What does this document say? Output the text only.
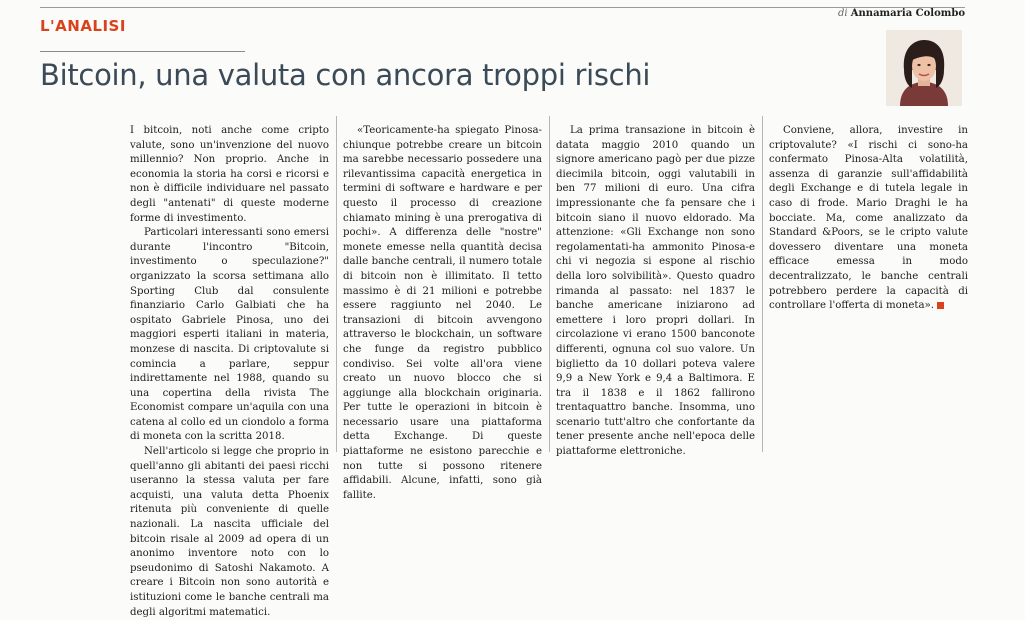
L'ANALISI
di Annamaria Colombo
Bitcoin, una valuta con ancora troppi rischi

I bitcoin, noti anche come cripto valute, sono un'invenzione del nuovo millennio? Non proprio. Anche in economia la storia ha corsi e ricorsi e non è difficile individuare nel passato degli "antenati" di queste moderne forme di investimento.

Particolari interessanti sono emersi durante l'incontro "Bitcoin, investimento o speculazione?" organizzato la scorsa settimana allo Sporting Club dal consulente finanziario Carlo Galbiati che ha ospitato Gabriele Pinosa, uno dei maggiori esperti italiani in materia, monzese di nascita. Di criptovalute si comincia a parlare, seppur indirettamente nel 1988, quando su una copertina della rivista The Economist compare un'aquila con una catena al collo ed un ciondolo a forma di moneta con la scritta 2018.

Nell'articolo si legge che proprio in quell'anno gli abitanti dei paesi ricchi useranno la stessa valuta per fare acquisti, una valuta detta Phoenix ritenuta più conveniente di quelle nazionali. La nascita ufficiale del bitcoin risale al 2009 ad opera di un anonimo inventore noto con lo pseudonimo di Satoshi Nakamoto. A creare i Bitcoin non sono autorità e istituzioni come le banche centrali ma degli algoritmi matematici.

«Teoricamente-ha spiegato Pinosa-chiunque potrebbe creare un bitcoin ma sarebbe necessario possedere una rilevantissima capacità energetica in termini di software e hardware e per questo il processo di creazione chiamato mining è una prerogativa di pochi». A differenza delle "nostre" monete emesse nella quantità decisa dalle banche centrali, il numero totale di bitcoin non è illimitato. Il tetto massimo è di 21 milioni e potrebbe essere raggiunto nel 2040. Le transazioni di bitcoin avvengono attraverso le blockchain, un software che funge da registro pubblico condiviso. Sei volte all'ora viene creato un nuovo blocco che si aggiunge alla blockchain originaria. Per tutte le operazioni in bitcoin è necessario usare una piattaforma detta Exchange. Di queste piattaforme ne esistono parecchie e non tutte si possono ritenere affidabili. Alcune, infatti, sono già fallite.

La prima transazione in bitcoin è datata maggio 2010 quando un signore americano pagò per due pizze diecimila bitcoin, oggi valutabili in ben 77 milioni di euro. Una cifra impressionante che fa pensare che i bitcoin siano il nuovo eldorado. Ma attenzione: «Gli Exchange non sono regolamentati-ha ammonito Pinosa-e chi vi negozia si espone al rischio della loro solvibilità». Questo quadro rimanda al passato: nel 1837 le banche americane iniziarono ad emettere i loro propri dollari. In circolazione vi erano 1500 banconote differenti, ognuna col suo valore. Un biglietto da 10 dollari poteva valere 9,9 a New York e 9,4 a Baltimora. E tra il 1838 e il 1862 fallirono trentaquattro banche. Insomma, uno scenario tutt'altro che confortante da tener presente anche nell'epoca delle piattaforme elettroniche.

Conviene, allora, investire in criptovalute? «I rischi ci sono-ha confermato Pinosa-Alta volatilità, assenza di garanzie sull'affidabilità degli Exchange e di tutela legale in caso di frode. Mario Draghi le ha bocciate. Ma, come analizzato da Standard &Poors, se le cripto valute dovessero diventare una moneta efficace emessa in modo decentralizzato, le banche centrali potrebbero perdere la capacità di controllare l'offerta di moneta».
